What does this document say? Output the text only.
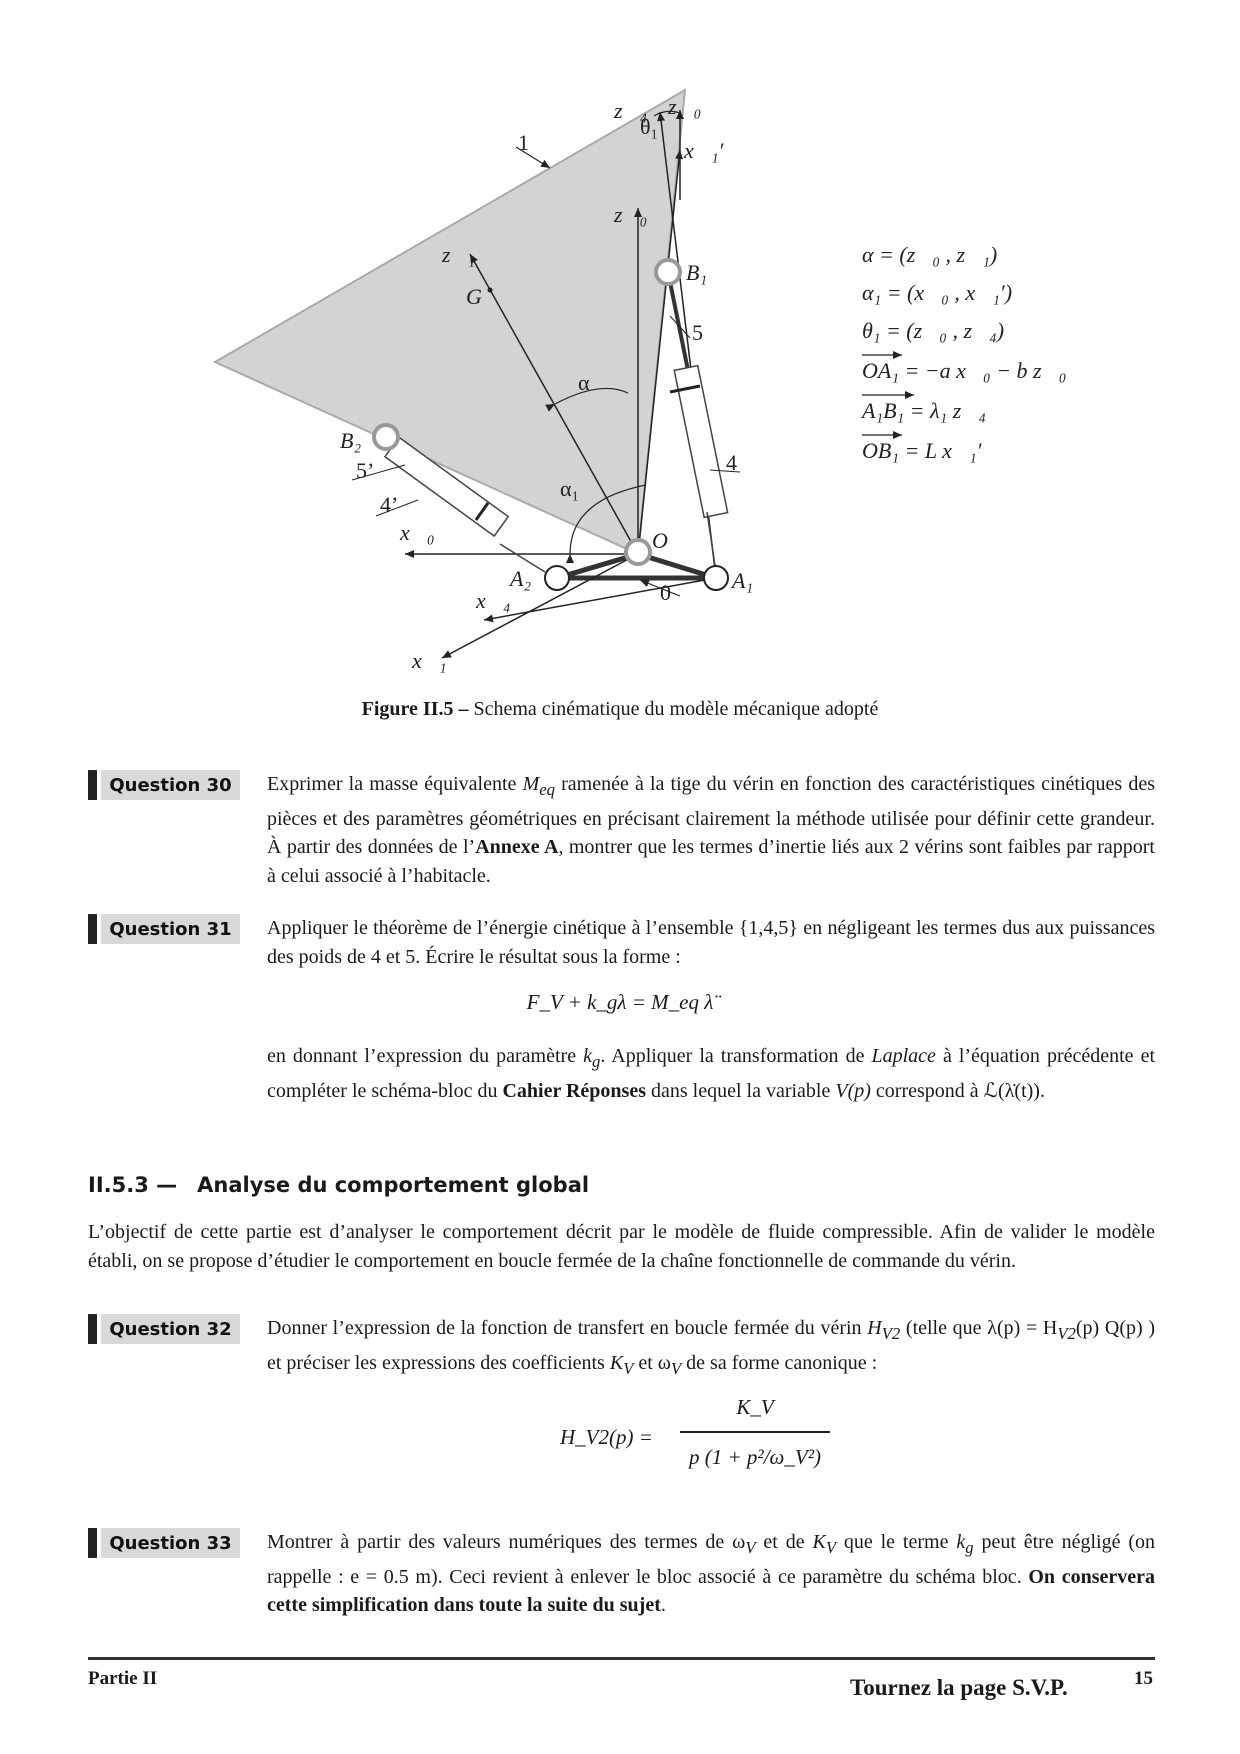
1
z⃗₄ z⃗₀
θ₁
x⃗₁′
z⃗₀
z⃗₁
G
B₁
5
α
B₂
5’	4
α₁
4’
x⃗₀	O
A₂	A₁
0
x⃗₄
x⃗₁
α = (z⃗₀ , z⃗₁)
α₁ = (x⃗₀ , x⃗₁′)
θ₁ = (z⃗₀ , z⃗₄)
OA₁ = −a x⃗₀ − b z⃗₀
A₁B₁ = λ₁ z⃗₄
OB₁ = L x⃗₁′
Figure II.5 – Schema cinématique du modèle mécanique adopté
Question 30	Exprimer la masse équivalente $M_{eq}$ ramenée à la tige du vérin en fonction des caractéristiques cinétiques des pièces et des paramètres géométriques en précisant clairement la méthode utilisée pour définir cette grandeur. À partir des données de l’Annexe A, montrer que les termes d’inertie liés aux 2 vérins sont faibles par rapport à celui associé à l’habitacle.
Question 31	Appliquer le théorème de l’énergie cinétique à l’ensemble {1,4,5} en négligeant les termes dus aux puissances des poids de 4 et 5. Écrire le résultat sous la forme :
F_V + k_gλ = M_eq λ̈
en donnant l’expression du paramètre $k_g$. Appliquer la transformation de Laplace à l’équation précédente et compléter le schéma-bloc du Cahier Réponses dans lequel la variable V(p) correspond à ℒ(λ̇(t)).
II.5.3 — Analyse du comportement global
L’objectif de cette partie est d’analyser le comportement décrit par le modèle de fluide compressible. Afin de valider le modèle établi, on se propose d’étudier le comportement en boucle fermée de la chaîne fonctionnelle de commande du vérin.
Question 32	Donner l’expression de la fonction de transfert en boucle fermée du vérin $H_{V2}$ (telle que $\lambda(p) = H_{V2}(p)$ Q(p) ) et préciser les expressions des coefficients $K_V$ et $\omega_V$ de sa forme canonique :
H_V2(p) =
K_V
p (1 + p²/ω_V²)
Question 33	Montrer à partir des valeurs numériques des termes de $\omega_V$ et de $K_V$ que le terme $k_g$ peut être négligé (on rappelle : e = 0.5 m). Ceci revient à enlever le bloc associé à ce paramètre du schéma bloc. On conservera cette simplification dans toute la suite du sujet.
Partie II	Tournez la page S.V.P.	15
